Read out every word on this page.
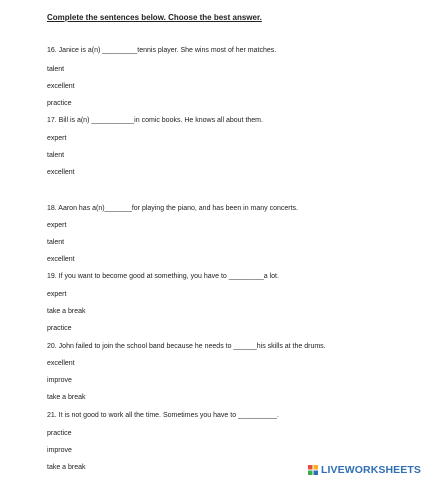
Complete the sentences below. Choose the best answer.
16. Janice is a(n) _________tennis player. She wins most of her matches.
talent
excellent
practice
17. Bill is a(n) ___________in comic books. He knows all about them.
expert
talent
excellent
18. Aaron has a(n)_______for playing the piano, and has been in many concerts.
expert
talent
excellent
19. If you want to become good at something, you have to _________a lot.
expert
take a break
practice
20. John failed to join the school band because he needs to ______his skills at the drums.
excellent
improve
take a break
21. It is not good to work all the time. Sometimes you have to __________.
practice
improve
take a break	LIVEWORKSHEETS
